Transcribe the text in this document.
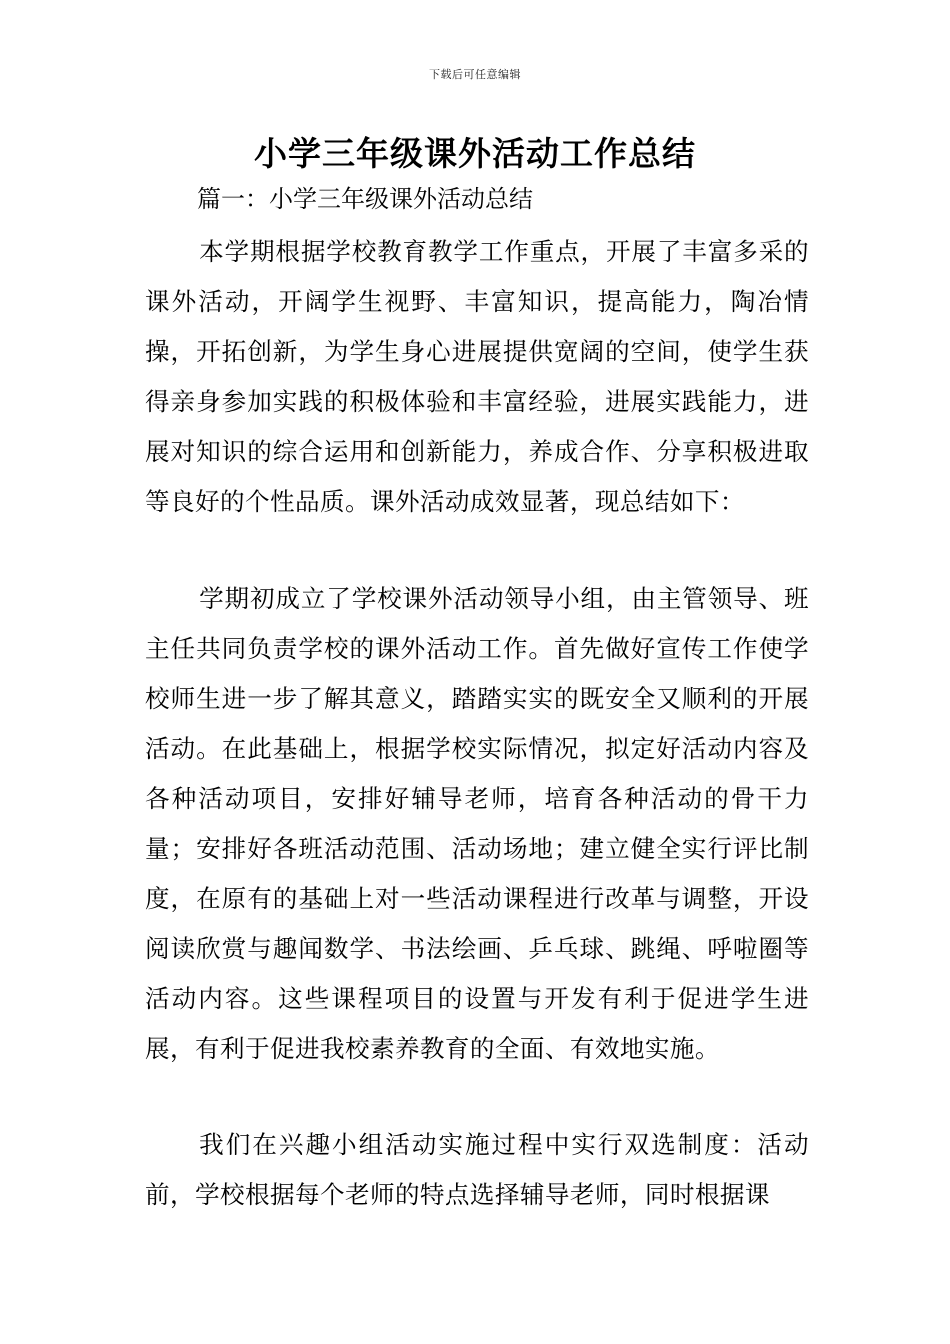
下载后可任意编辑
小学三年级课外活动工作总结

篇一：小学三年级课外活动总结

本学期根据学校教育教学工作重点，开展了丰富多采的课外活动，开阔学生视野、丰富知识，提高能力，陶冶情操，开拓创新，为学生身心进展提供宽阔的空间，使学生获得亲身参加实践的积极体验和丰富经验，进展实践能力，进展对知识的综合运用和创新能力，养成合作、分享积极进取等良好的个性品质。课外活动成效显著，现总结如下：

学期初成立了学校课外活动领导小组，由主管领导、班主任共同负责学校的课外活动工作。首先做好宣传工作使学校师生进一步了解其意义，踏踏实实的既安全又顺利的开展活动。在此基础上，根据学校实际情况，拟定好活动内容及各种活动项目，安排好辅导老师，培育各种活动的骨干力量；安排好各班活动范围、活动场地；建立健全实行评比制度，在原有的基础上对一些活动课程进行改革与调整，开设阅读欣赏与趣闻数学、书法绘画、乒乓球、跳绳、呼啦圈等活动内容。这些课程项目的设置与开发有利于促进学生进展，有利于促进我校素养教育的全面、有效地实施。

我们在兴趣小组活动实施过程中实行双选制度：活动前，学校根据每个老师的特点选择辅导老师，同时根据课
